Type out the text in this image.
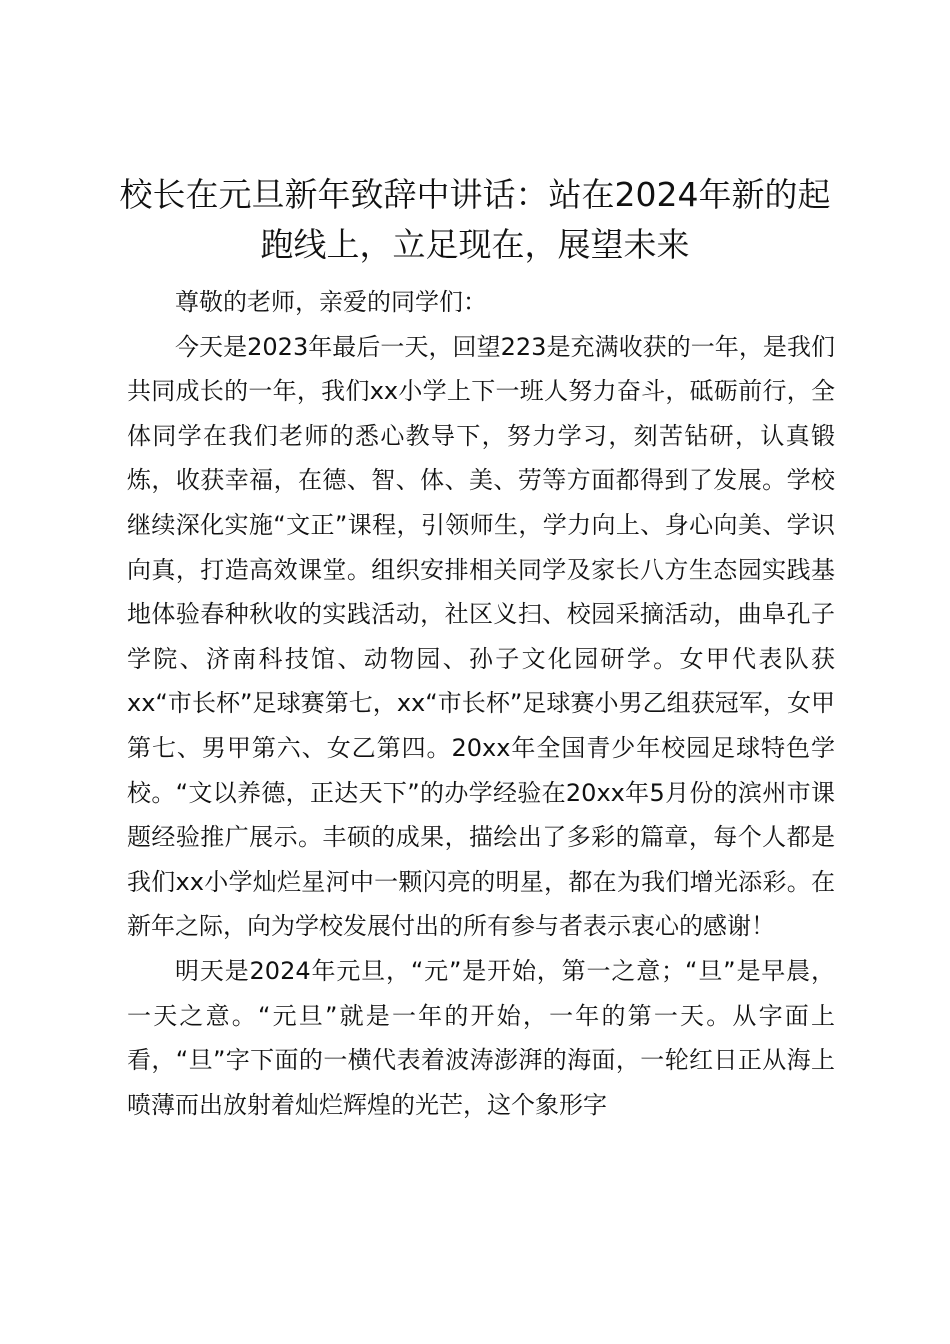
校长在元旦新年致辞中讲话：站在2024年新的起跑线上，立足现在，展望未来

尊敬的老师，亲爱的同学们：

今天是2023年最后一天，回望223是充满收获的一年，是我们共同成长的一年，我们xx小学上下一班人努力奋斗，砥砺前行，全体同学在我们老师的悉心教导下，努力学习，刻苦钻研，认真锻炼，收获幸福，在德、智、体、美、劳等方面都得到了发展。学校继续深化实施“文正”课程，引领师生，学力向上、身心向美、学识向真，打造高效课堂。组织安排相关同学及家长八方生态园实践基地体验春种秋收的实践活动，社区义扫、校园采摘活动，曲阜孔子学院、济南科技馆、动物园、孙子文化园研学。女甲代表队获xx“市长杯”足球赛第七，xx“市长杯”足球赛小男乙组获冠军，女甲第七、男甲第六、女乙第四。20xx年全国青少年校园足球特色学校。“文以养德，正达天下”的办学经验在20xx年5月份的滨州市课题经验推广展示。丰硕的成果，描绘出了多彩的篇章，每个人都是我们xx小学灿烂星河中一颗闪亮的明星，都在为我们增光添彩。在新年之际，向为学校发展付出的所有参与者表示衷心的感谢！

明天是2024年元旦，“元”是开始，第一之意；“旦”是早晨，一天之意。“元旦”就是一年的开始，一年的第一天。从字面上看，“旦”字下面的一横代表着波涛澎湃的海面，一轮红日正从海上喷薄而出放射着灿烂辉煌的光芒，这个象形字
